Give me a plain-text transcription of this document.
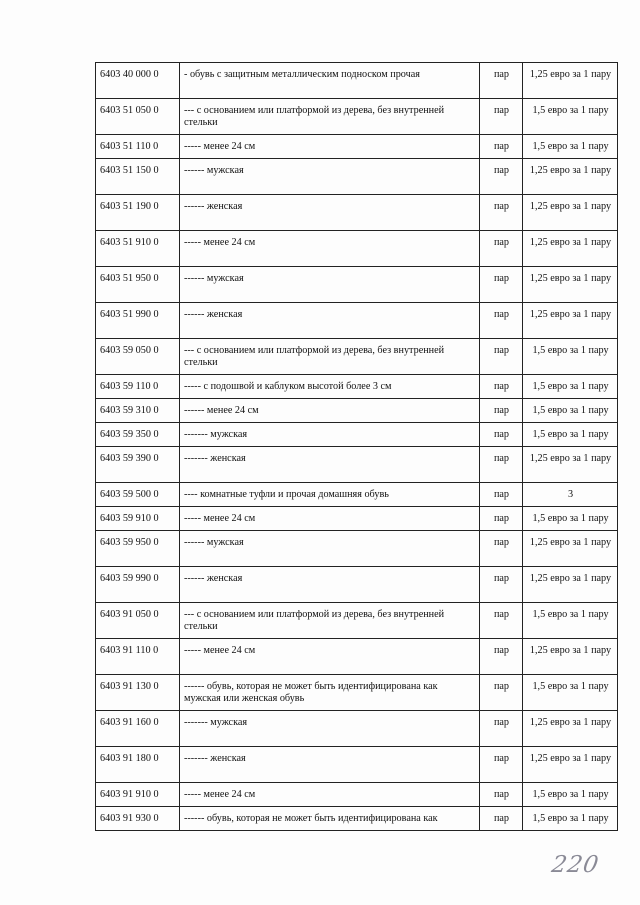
6403 40 000 0	- обувь с защитным металлическим подноском прочая	пар	1,25 евро за 1 пару
6403 51 050 0	--- с основанием или платформой из дерева, без внутренней стельки	пар	1,5 евро за 1 пару
6403 51 110 0	----- менее 24 см	пар	1,5 евро за 1 пару
6403 51 150 0	------ мужская	пар	1,25 евро за 1 пару
6403 51 190 0	------ женская	пар	1,25 евро за 1 пару
6403 51 910 0	----- менее 24 см	пар	1,25 евро за 1 пару
6403 51 950 0	------ мужская	пар	1,25 евро за 1 пару
6403 51 990 0	------ женская	пар	1,25 евро за 1 пару
6403 59 050 0	--- с основанием или платформой из дерева, без внутренней стельки	пар	1,5 евро за 1 пару
6403 59 110 0	----- с подошвой и каблуком высотой более 3 см	пар	1,5 евро за 1 пару
6403 59 310 0	------ менее 24 см	пар	1,5 евро за 1 пару
6403 59 350 0	------- мужская	пар	1,5 евро за 1 пару
6403 59 390 0	------- женская	пар	1,25 евро за 1 пару
6403 59 500 0	---- комнатные туфли и прочая домашняя обувь	пар	3
6403 59 910 0	----- менее 24 см	пар	1,5 евро за 1 пару
6403 59 950 0	------ мужская	пар	1,25 евро за 1 пару
6403 59 990 0	------ женская	пар	1,25 евро за 1 пару
6403 91 050 0	--- с основанием или платформой из дерева, без внутренней стельки	пар	1,5 евро за 1 пару
6403 91 110 0	----- менее 24 см	пар	1,25 евро за 1 пару
6403 91 130 0	------ обувь, которая не может быть идентифицирована как мужская или женская обувь	пар	1,5 евро за 1 пару
6403 91 160 0	------- мужская	пар	1,25 евро за 1 пару
6403 91 180 0	------- женская	пар	1,25 евро за 1 пару
6403 91 910 0	----- менее 24 см	пар	1,5 евро за 1 пару
6403 91 930 0	------ обувь, которая не может быть идентифицирована как	пар	1,5 евро за 1 пару
220
